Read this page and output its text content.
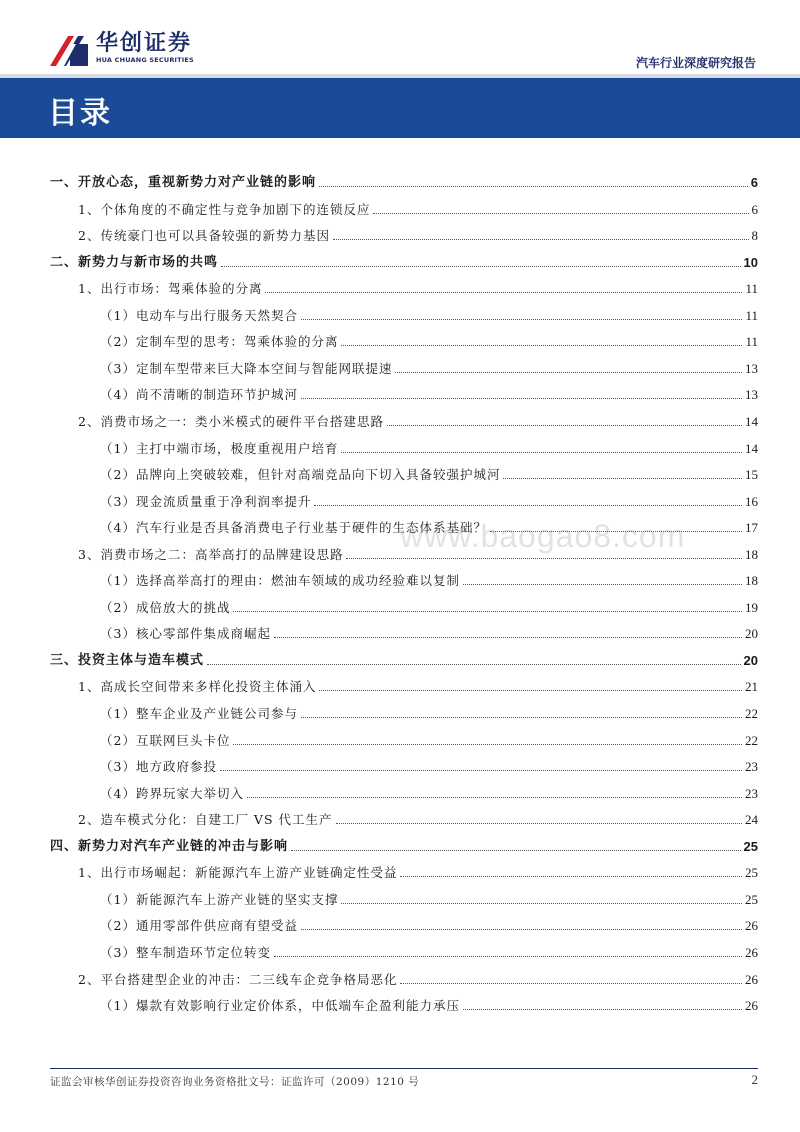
华创证券
HUA CHUANG SECURITIES	汽车行业深度研究报告
目录
一、开放心态，重视新势力对产业链的影响	6
1、个体角度的不确定性与竞争加剧下的连锁反应	6
2、传统豪门也可以具备较强的新势力基因	8
二、新势力与新市场的共鸣	10
1、出行市场：驾乘体验的分离	11
（1）电动车与出行服务天然契合	11
（2）定制车型的思考：驾乘体验的分离	11
（3）定制车型带来巨大降本空间与智能网联提速	13
（4）尚不清晰的制造环节护城河	13
2、消费市场之一：类小米模式的硬件平台搭建思路	14
（1）主打中端市场，极度重视用户培育	14
（2）品牌向上突破较难，但针对高端竞品向下切入具备较强护城河	15
（3）现金流质量重于净利润率提升	16
（4）汽车行业是否具备消费电子行业基于硬件的生态体系基础？	17
3、消费市场之二：高举高打的品牌建设思路	18
（1）选择高举高打的理由：燃油车领域的成功经验难以复制	18
（2）成倍放大的挑战	19
（3）核心零部件集成商崛起	20
三、投资主体与造车模式	20
1、高成长空间带来多样化投资主体涌入	21
（1）整车企业及产业链公司参与	22
（2）互联网巨头卡位	22
（3）地方政府参投	23
（4）跨界玩家大举切入	23
2、造车模式分化：自建工厂 VS 代工生产	24
四、新势力对汽车产业链的冲击与影响	25
1、出行市场崛起：新能源汽车上游产业链确定性受益	25
（1）新能源汽车上游产业链的坚实支撑	25
（2）通用零部件供应商有望受益	26
（3）整车制造环节定位转变	26
2、平台搭建型企业的冲击：二三线车企竞争格局恶化	26
（1）爆款有效影响行业定价体系，中低端车企盈利能力承压	26
www.baogao8.com
证监会审核华创证券投资咨询业务资格批文号：证监许可（2009）1210 号	2
